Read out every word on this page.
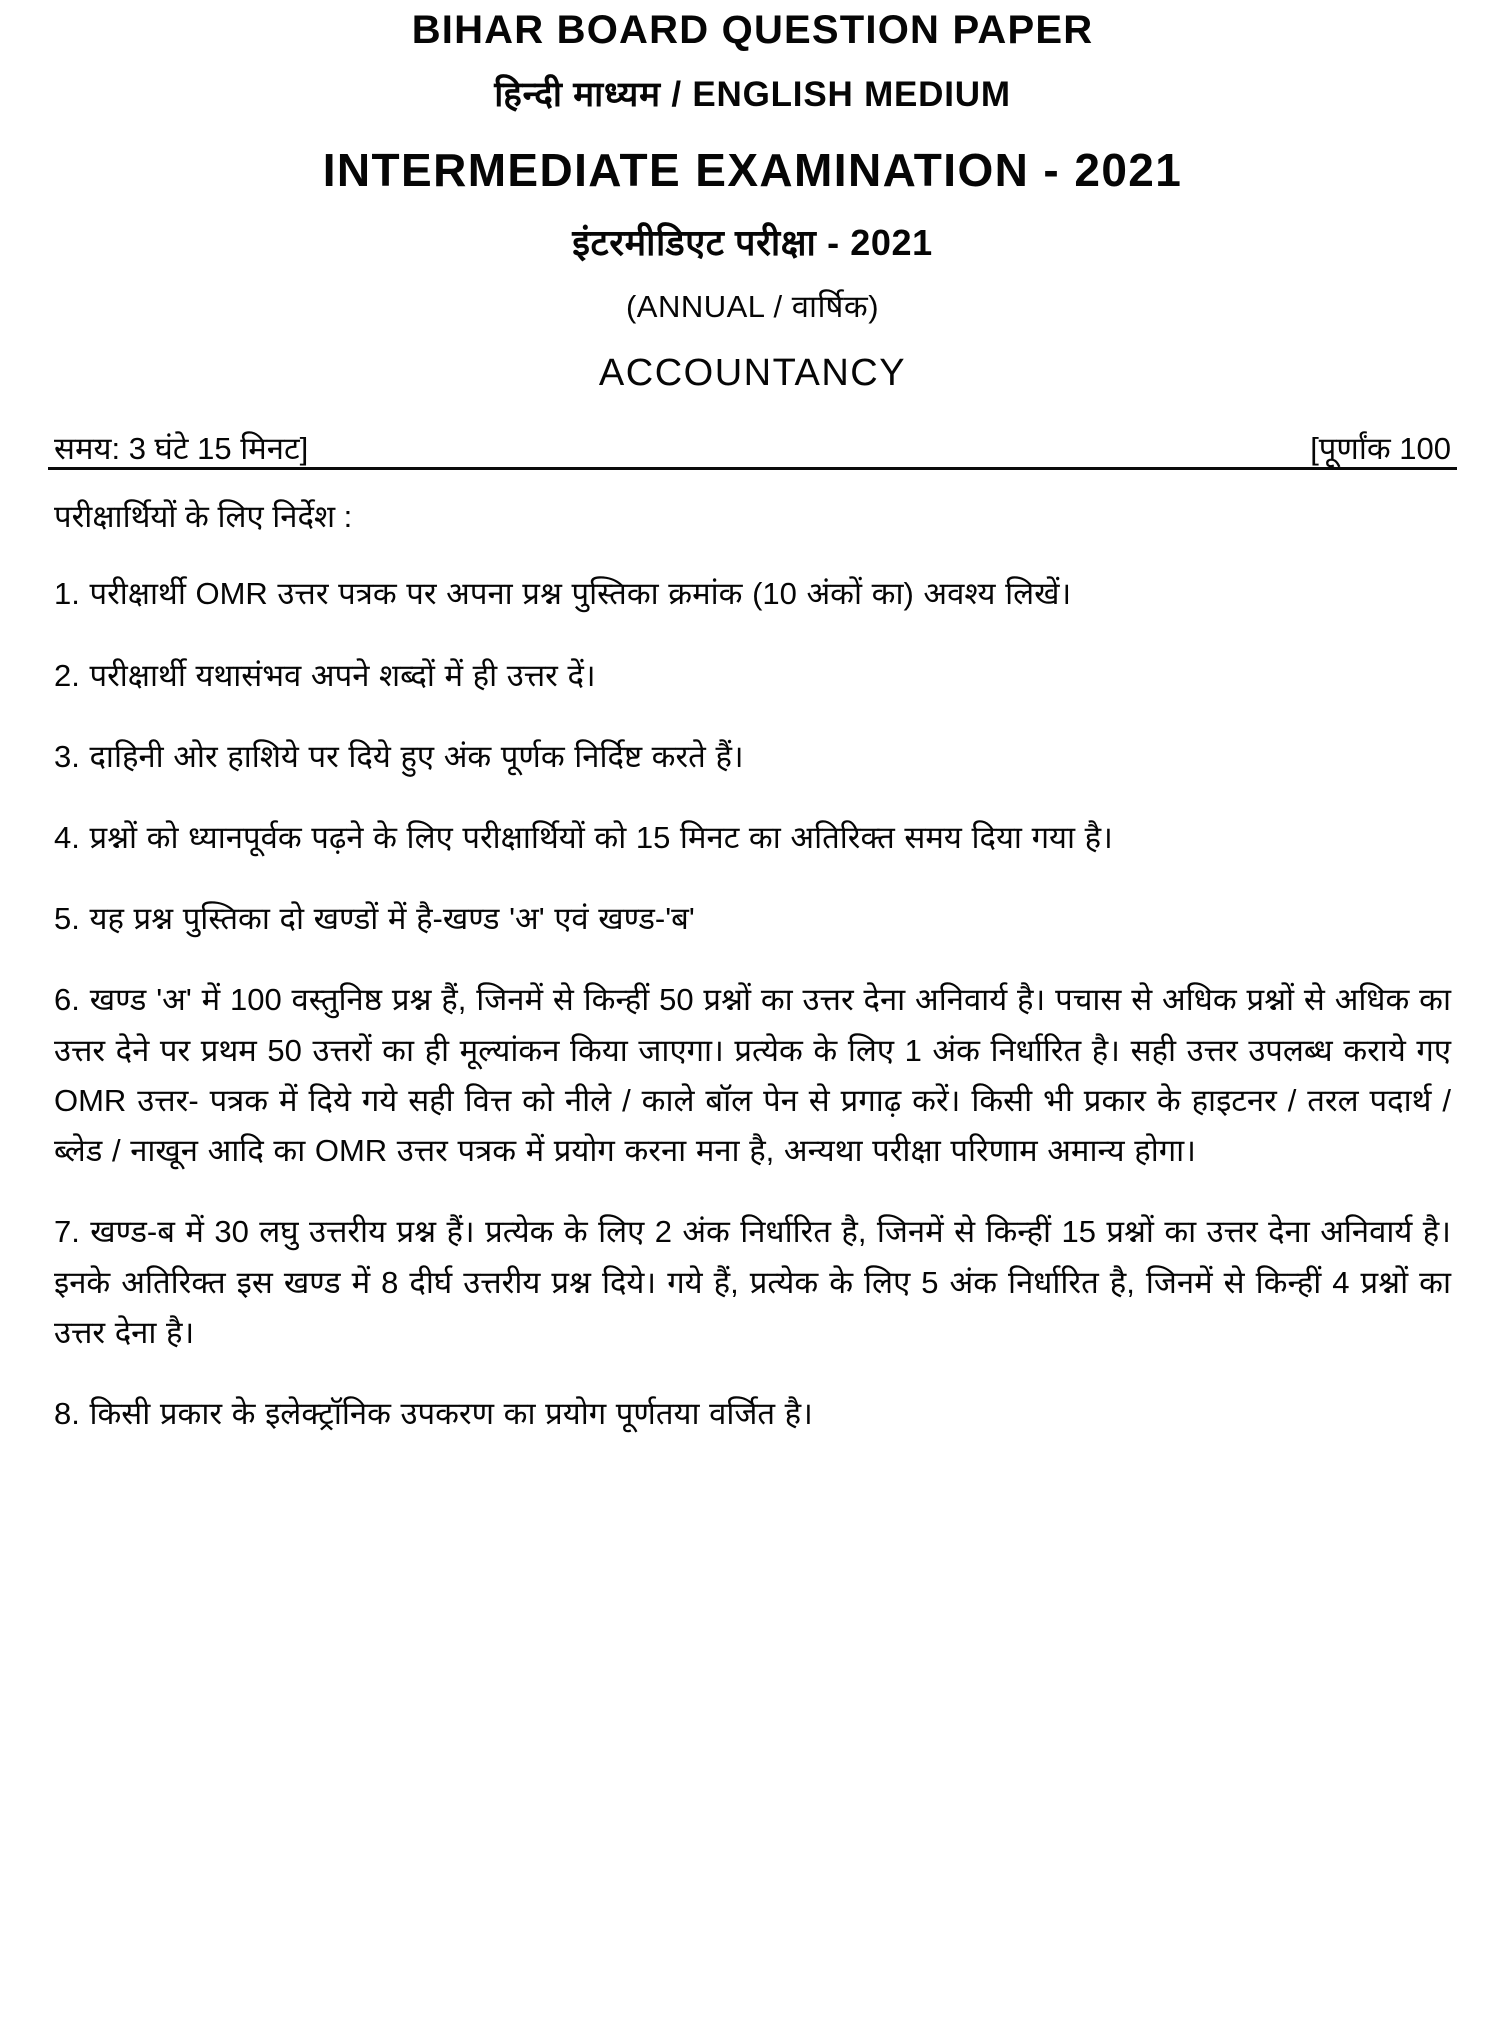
BIHAR BOARD QUESTION PAPER
हिन्दी माध्यम / ENGLISH MEDIUM
INTERMEDIATE EXAMINATION - 2021
इंटरमीडिएट परीक्षा - 2021
(ANNUAL / वार्षिक)
ACCOUNTANCY
समय: 3 घंटे 15 मिनट]	[पूर्णांक 100
परीक्षार्थियों के लिए निर्देश :

1. परीक्षार्थी OMR उत्तर पत्रक पर अपना प्रश्न पुस्तिका क्रमांक (10 अंकों का) अवश्य लिखें।

2. परीक्षार्थी यथासंभव अपने शब्दों में ही उत्तर दें।

3. दाहिनी ओर हाशिये पर दिये हुए अंक पूर्णक निर्दिष्ट करते हैं।

4. प्रश्नों को ध्यानपूर्वक पढ़ने के लिए परीक्षार्थियों को 15 मिनट का अतिरिक्त समय दिया गया है।

5. यह प्रश्न पुस्तिका दो खण्डों में है-खण्ड 'अ' एवं खण्ड-'ब'

6. खण्ड 'अ' में 100 वस्तुनिष्ठ प्रश्न हैं, जिनमें से किन्हीं 50 प्रश्नों का उत्तर देना अनिवार्य है। पचास से अधिक प्रश्नों से अधिक का उत्तर देने पर प्रथम 50 उत्तरों का ही मूल्यांकन किया जाएगा। प्रत्येक के लिए 1 अंक निर्धारित है। सही उत्तर उपलब्ध कराये गए OMR उत्तर- पत्रक में दिये गये सही वित्त को नीले / काले बॉल पेन से प्रगाढ़ करें। किसी भी प्रकार के हाइटनर / तरल पदार्थ / ब्लेड / नाखून आदि का OMR उत्तर पत्रक में प्रयोग करना मना है, अन्यथा परीक्षा परिणाम अमान्य होगा।

7. खण्ड-ब में 30 लघु उत्तरीय प्रश्न हैं। प्रत्येक के लिए 2 अंक निर्धारित है, जिनमें से किन्हीं 15 प्रश्नों का उत्तर देना अनिवार्य है। इनके अतिरिक्त इस खण्ड में 8 दीर्घ उत्तरीय प्रश्न दिये। गये हैं, प्रत्येक के लिए 5 अंक निर्धारित है, जिनमें से किन्हीं 4 प्रश्नों का उत्तर देना है।

8. किसी प्रकार के इलेक्ट्रॉनिक उपकरण का प्रयोग पूर्णतया वर्जित है।
